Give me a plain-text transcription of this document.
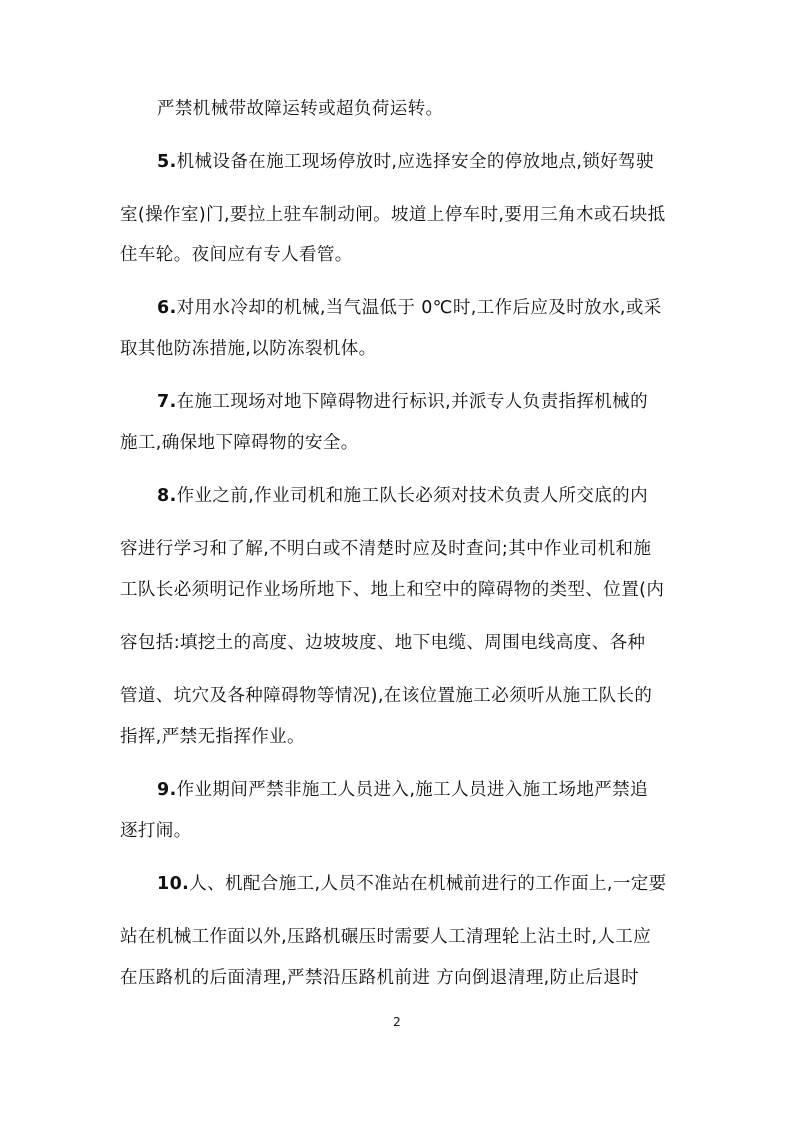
严禁机械带故障运转或超负荷运转。
5.机械设备在施工现场停放时,应选择安全的停放地点,锁好驾驶
室(操作室)门,要拉上驻车制动闸。坡道上停车时,要用三角木或石块抵
住车轮。夜间应有专人看管。
6.对用水冷却的机械,当气温低于 0℃时,工作后应及时放水,或采
取其他防冻措施,以防冻裂机体。
7.在施工现场对地下障碍物进行标识,并派专人负责指挥机械的
施工,确保地下障碍物的安全。
8.作业之前,作业司机和施工队长必须对技术负责人所交底的内
容进行学习和了解,不明白或不清楚时应及时查问;其中作业司机和施
工队长必须明记作业场所地下、地上和空中的障碍物的类型、位置(内
容包括:填挖土的高度、边坡坡度、地下电缆、周围电线高度、各种
管道、坑穴及各种障碍物等情况),在该位置施工必须听从施工队长的
指挥,严禁无指挥作业。
9.作业期间严禁非施工人员进入,施工人员进入施工场地严禁追
逐打闹。
10.人、机配合施工,人员不准站在机械前进行的工作面上,一定要
站在机械工作面以外,压路机碾压时需要人工清理轮上沾土时,人工应
在压路机的后面清理,严禁沿压路机前进 方向倒退清理,防止后退时
2
